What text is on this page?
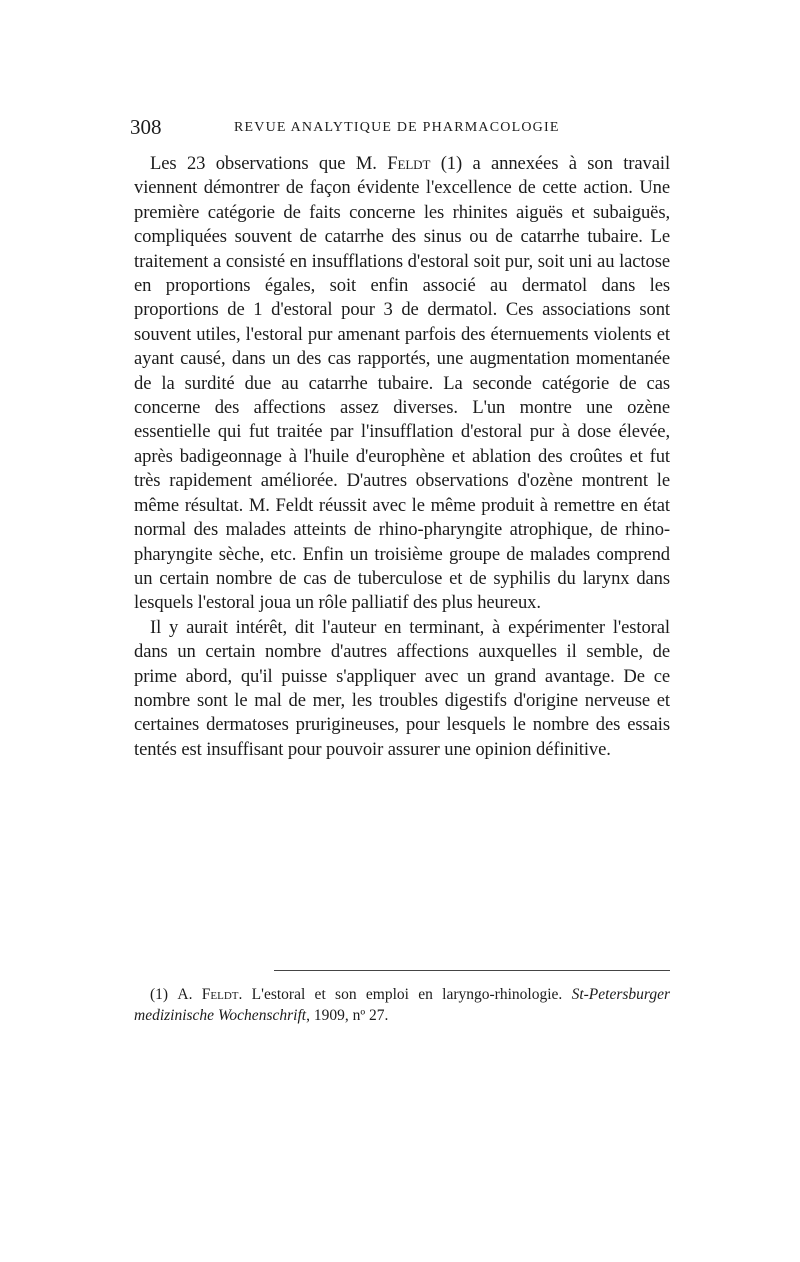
308	REVUE ANALYTIQUE DE PHARMACOLOGIE

Les 23 observations que M. Feldt (1) a annexées à son travail viennent démontrer de façon évidente l'excellence de cette action. Une première catégorie de faits concerne les rhinites aiguës et subaiguës, compliquées souvent de catarrhe des sinus ou de catarrhe tubaire. Le traitement a consisté en insufflations d'estoral soit pur, soit uni au lactose en proportions égales, soit enfin associé au dermatol dans les proportions de 1 d'estoral pour 3 de dermatol. Ces associations sont souvent utiles, l'estoral pur amenant parfois des éternuements violents et ayant causé, dans un des cas rapportés, une augmentation momentanée de la surdité due au catarrhe tubaire. La seconde catégorie de cas concerne des affections assez diverses. L'un montre une ozène essentielle qui fut traitée par l'insufflation d'estoral pur à dose élevée, après badigeonnage à l'huile d'europhène et ablation des croûtes et fut très rapidement améliorée. D'autres observations d'ozène montrent le même résultat. M. Feldt réussit avec le même produit à remettre en état normal des malades atteints de rhino-pharyngite atrophique, de rhino-pharyngite sèche, etc. Enfin un troisième groupe de malades comprend un certain nombre de cas de tuberculose et de syphilis du larynx dans lesquels l'estoral joua un rôle palliatif des plus heureux.

Il y aurait intérêt, dit l'auteur en terminant, à expérimenter l'estoral dans un certain nombre d'autres affections auxquelles il semble, de prime abord, qu'il puisse s'appliquer avec un grand avantage. De ce nombre sont le mal de mer, les troubles digestifs d'origine nerveuse et certaines dermatoses prurigineuses, pour lesquels le nombre des essais tentés est insuffisant pour pouvoir assurer une opinion définitive.

(1) A. Feldt. L'estoral et son emploi en laryngo-rhinologie. St-Petersburger medizinische Wochenschrift, 1909, nº 27.
